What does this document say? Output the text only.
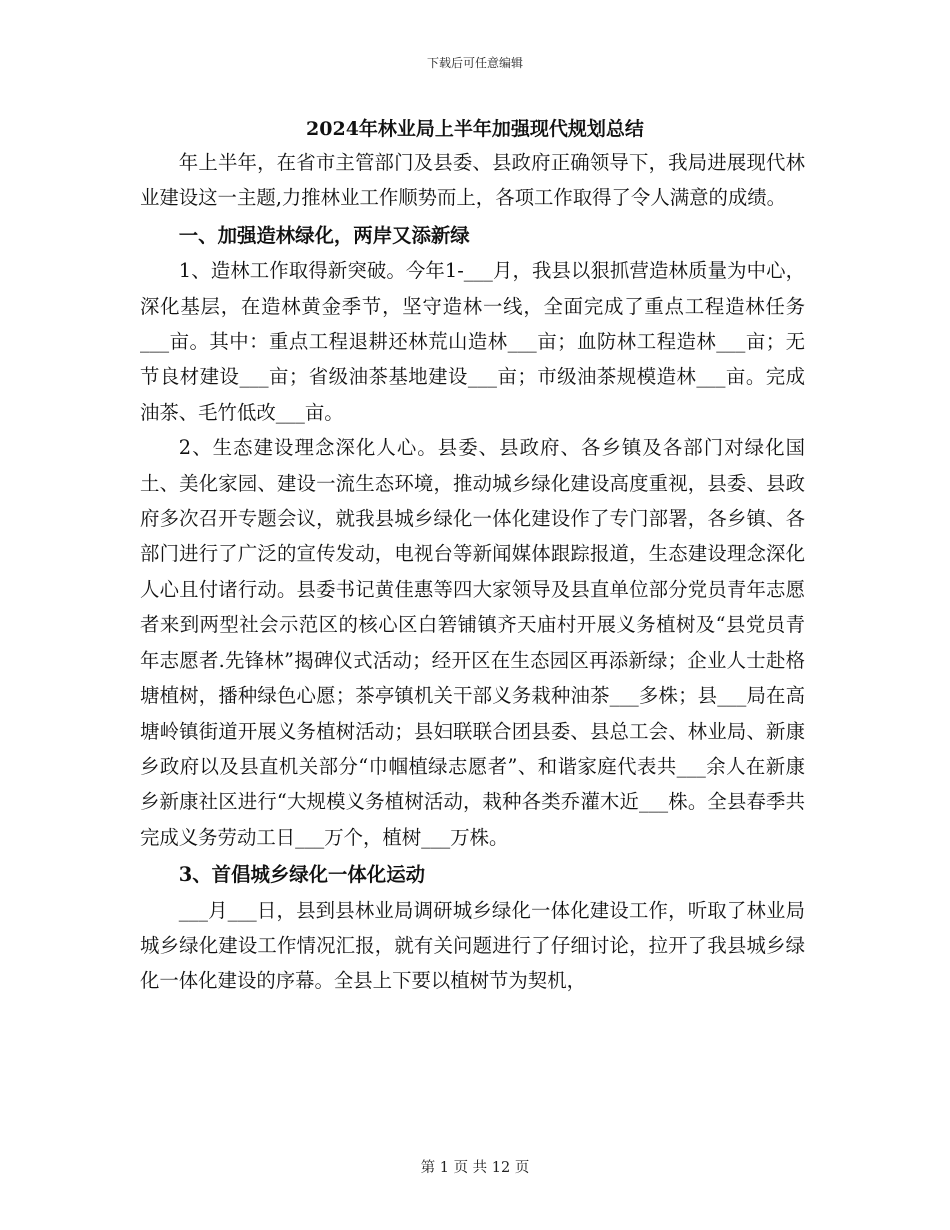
下载后可任意编辑
2024年林业局上半年加强现代规划总结

年上半年，在省市主管部门及县委、县政府正确领导下，我局进展现代林业建设这一主题,力推林业工作顺势而上，各项工作取得了令人满意的成绩。

一、加强造林绿化，两岸又添新绿

1、造林工作取得新突破。今年1-___月，我县以狠抓营造林质量为中心，深化基层，在造林黄金季节，坚守造林一线，全面完成了重点工程造林任务___亩。其中：重点工程退耕还林荒山造林___亩；血防林工程造林___亩；无节良材建设___亩；省级油茶基地建设___亩；市级油茶规模造林___亩。完成油茶、毛竹低改___亩。

2、生态建设理念深化人心。县委、县政府、各乡镇及各部门对绿化国土、美化家园、建设一流生态环境，推动城乡绿化建设高度重视，县委、县政府多次召开专题会议，就我县城乡绿化一体化建设作了专门部署，各乡镇、各部门进行了广泛的宣传发动，电视台等新闻媒体跟踪报道，生态建设理念深化人心且付诸行动。县委书记黄佳惠等四大家领导及县直单位部分党员青年志愿者来到两型社会示范区的核心区白箬铺镇齐天庙村开展义务植树及“县党员青年志愿者.先锋林”揭碑仪式活动；经开区在生态园区再添新绿；企业人士赴格塘植树，播种绿色心愿；茶亭镇机关干部义务栽种油茶___多株；县___局在高塘岭镇街道开展义务植树活动；县妇联联合团县委、县总工会、林业局、新康乡政府以及县直机关部分“巾帼植绿志愿者”、和谐家庭代表共___余人在新康乡新康社区进行“大规模义务植树活动，栽种各类乔灌木近___株。全县春季共完成义务劳动工日___万个，植树___万株。

3、首倡城乡绿化一体化运动

___月___日，县到县林业局调研城乡绿化一体化建设工作，听取了林业局城乡绿化建设工作情况汇报，就有关问题进行了仔细讨论，拉开了我县城乡绿化一体化建设的序幕。全县上下要以植树节为契机，

第 1 页 共 12 页
